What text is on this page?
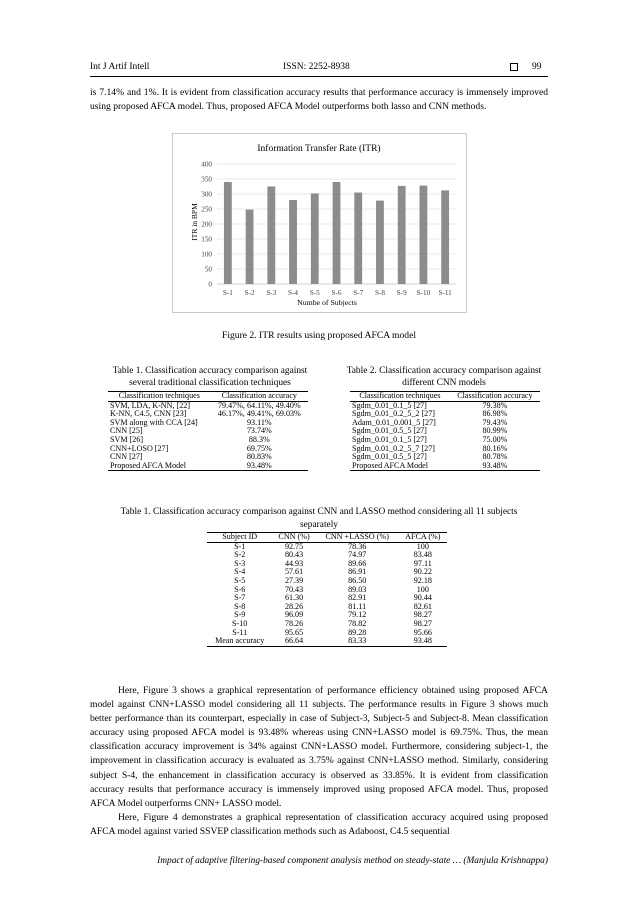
Int J Artif Intell	ISSN: 2252-8938	99
is 7.14% and 1%. It is evident from classification accuracy results that performance accuracy is immensely improved using proposed AFCA model. Thus, proposed AFCA Model outperforms both lasso and CNN methods.
Information Transfer Rate (ITR)
0
50
100
150
200
250
300
350
400
S-1 S-2 S-3 S-4 S-5 S-6 S-7 S-8 S-9 S-10 S-11
ITR in BPM
Numbe of Subjects
Figure 2. ITR results using proposed AFCA model
Table 1. Classification accuracy comparison against
several traditional classification techniques
Classification techniques	Classification accuracy
SVM, LDA, K-NN, [22]	79.47%, 64.11%, 49.40%
K-NN, C4.5, CNN [23]	46.17%, 49.41%, 69.03%
SVM along with CCA [24]	93.11%
CNN [25]	73.74%
SVM [26]	88.3%
CNN+LOSO [27]	69.75%
CNN [27]	80.83%
Proposed AFCA Model	93.48%
Table 2. Classification accuracy comparison against
different CNN models
Classification techniques	Classification accuracy
Sgdm_0.01_0.1_5 [27]	79.38%
Sgdm_0.01_0.2_5_2 [27]	86.98%
Adam_0.01_0.001_5 [27]	79.43%
Sgdm_0.01_0.5_5 [27]	80.99%
Sgdm_0.01_0.1_5 [27]	75.00%
Sgdm_0.01_0.2_5_7 [27]	80.16%
Sgdm_0.01_0.5_5 [27]	80.78%
Proposed AFCA Model	93.48%
Table 1. Classification accuracy comparison against CNN and LASSO method considering all 11 subjects
separately
Subject ID	CNN (%)	CNN +LASSO (%)	AFCA (%)
S-1	92.75	78.36	100
S-2	80.43	74.97	83.48
S-3	44.93	89.66	97.11
S-4	57.61	86.91	90.22
S-5	27.39	86.50	92.18
S-6	70.43	89.03	100
S-7	61.30	82.91	90.44
S-8	28.26	81.11	82.61
S-9	96.09	79.12	98.27
S-10	78.26	78.82	98.27
S-11	95.65	89.28	95.66
Mean accuracy	66.64	83.33	93.48
Here, Figure 3 shows a graphical representation of performance efficiency obtained using proposed AFCA model against CNN+LASSO model considering all 11 subjects. The performance results in Figure 3 shows much better performance than its counterpart, especially in case of Subject-3, Subject-5 and Subject-8. Mean classification accuracy using proposed AFCA model is 93.48% whereas using CNN+LASSO model is 69.75%. Thus, the mean classification accuracy improvement is 34% against CNN+LASSO model. Furthermore, considering subject-1, the improvement in classification accuracy is evaluated as 3.75% against CNN+LASSO method. Similarly, considering subject S-4, the enhancement in classification accuracy is observed as 33.85%. It is evident from classification accuracy results that performance accuracy is immensely improved using proposed AFCA model. Thus, proposed AFCA Model outperforms CNN+ LASSO model.
Here, Figure 4 demonstrates a graphical representation of classification accuracy acquired using proposed AFCA model against varied SSVEP classification methods such as Adaboost, C4.5 sequential
Impact of adaptive filtering-based component analysis method on steady-state … (Manjula Krishnappa)
